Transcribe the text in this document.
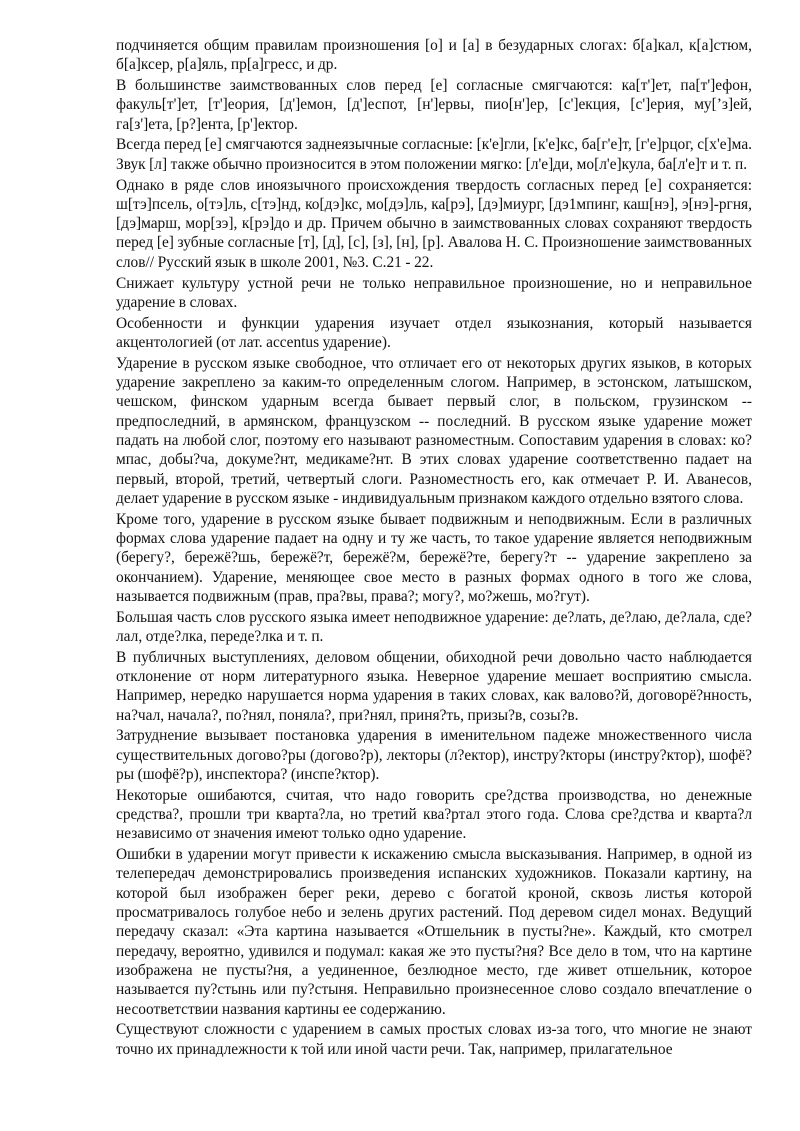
подчиняется общим правилам произношения [о] и [а] в безударных слогах: б[а]кал, к[а]стюм, б[а]ксер, р[а]яль, пр[а]гресс, и др.

В большинстве заимствованных слов перед [е] согласные смягчаются: ка[т']ет, па[т']ефон, факуль[т']ет, [т']еория, [д']емон, [д']еспот, [н']ервы, пио[н']ер, [с']екция, [с']ерия, му[’з]ей, га[з']ета, [р?]ента, [р']ектор.

Всегда перед [е] смягчаются заднеязычные согласные: [к'е]гли, [к'е]кс, ба[г'е]т, [г'е]рцог, с[х'е]ма. Звук [л] также обычно произносится в этом положении мягко: [л'е]ди, мо[л'е]кула, ба[л'е]т и т. п.

Однако в ряде слов иноязычного происхождения твердость согласных перед [е] сохраняется: ш[тэ]псель, о[тэ]ль, с[тэ]нд, ко[дэ]кс, мо[дэ]ль, ка[рэ], [дэ]миург, [дэ1мпинг, каш[нэ], э[нэ]-ргня, [дэ]марш, мор[зэ], к[рэ]до и др. Причем обычно в заимствованных словах сохраняют твердость перед [е] зубные согласные [т], [д], [с], [з], [н], [р]. Авалова Н. С. Произношение заимствованных слов// Русский язык в школе 2001, №3. С.21 - 22.

Снижает культуру устной речи не только неправильное произношение, но и неправильное ударение в словах.

Особенности и функции ударения изучает отдел языкознания, который называется акцентологией (от лат. accentus ударение).

Ударение в русском языке свободное, что отличает его от некоторых других языков, в которых ударение закреплено за каким-то определенным слогом. Например, в эстонском, латышском, чешском, финском ударным всегда бывает первый слог, в польском, грузинском -- предпоследний, в армянском, французском -- последний. В русском языке ударение может падать на любой слог, поэтому его называют разноместным. Сопоставим ударения в словах: ко?мпас, добы?ча, докуме?нт, медикаме?нт. В этих словах ударение соответственно падает на первый, второй, третий, четвертый слоги. Разноместность его, как отмечает Р. И. Аванесов, делает ударение в русском языке - индивидуальным признаком каждого отдельно взятого слова.

Кроме того, ударение в русском языке бывает подвижным и неподвижным. Если в различных формах слова ударение падает на одну и ту же часть, то такое ударение является неподвижным (берегу?, бережё?шь, бережё?т, бережё?м, бережё?те, берегу?т -- ударение закреплено за окончанием). Ударение, меняющее свое место в разных формах одного в того же слова, называется подвижным (прав, пра?вы, права?; могу?, мо?жешь, мо?гут).

Большая часть слов русского языка имеет неподвижное ударение: де?лать, де?лаю, де?лала, сде?лал, отде?лка, переде?лка и т. п.

В публичных выступлениях, деловом общении, обиходной речи довольно часто наблюдается отклонение от норм литературного языка. Неверное ударение мешает восприятию смысла. Например, нередко нарушается норма ударения в таких словах, как валово?й, договорё?нность, на?чал, начала?, по?нял, поняла?, при?нял, приня?ть, призы?в, созы?в.

Затруднение вызывает постановка ударения в именительном падеже множественного числа существительных догово?ры (догово?р), лекторы (л?ектор), инстру?кторы (инстру?ктор), шофё?ры (шофё?р), инспектора? (инспе?ктор).

Некоторые ошибаются, считая, что надо говорить сре?дства производства, но денежные средства?, прошли три кварта?ла, но третий ква?ртал этого года. Слова сре?дства и кварта?л независимо от значения имеют только одно ударение.

Ошибки в ударении могут привести к искажению смысла высказывания. Например, в одной из телепередач демонстрировались произведения испанских художников. Показали картину, на которой был изображен берег реки, дерево с богатой кроной, сквозь листья которой просматривалось голубое небо и зелень других растений. Под деревом сидел монах. Ведущий передачу сказал: «Эта картина называется «Отшельник в пусты?не». Каждый, кто смотрел передачу, вероятно, удивился и подумал: какая же это пусты?ня? Все дело в том, что на картине изображена не пусты?ня, а уединенное, безлюдное место, где живет отшельник, которое называется пу?стынь или пу?стыня. Неправильно произнесенное слово создало впечатление о несоответствии названия картины ее содержанию.

Существуют сложности с ударением в самых простых словах из-за того, что многие не знают точно их принадлежности к той или иной части речи. Так, например, прилагательное
